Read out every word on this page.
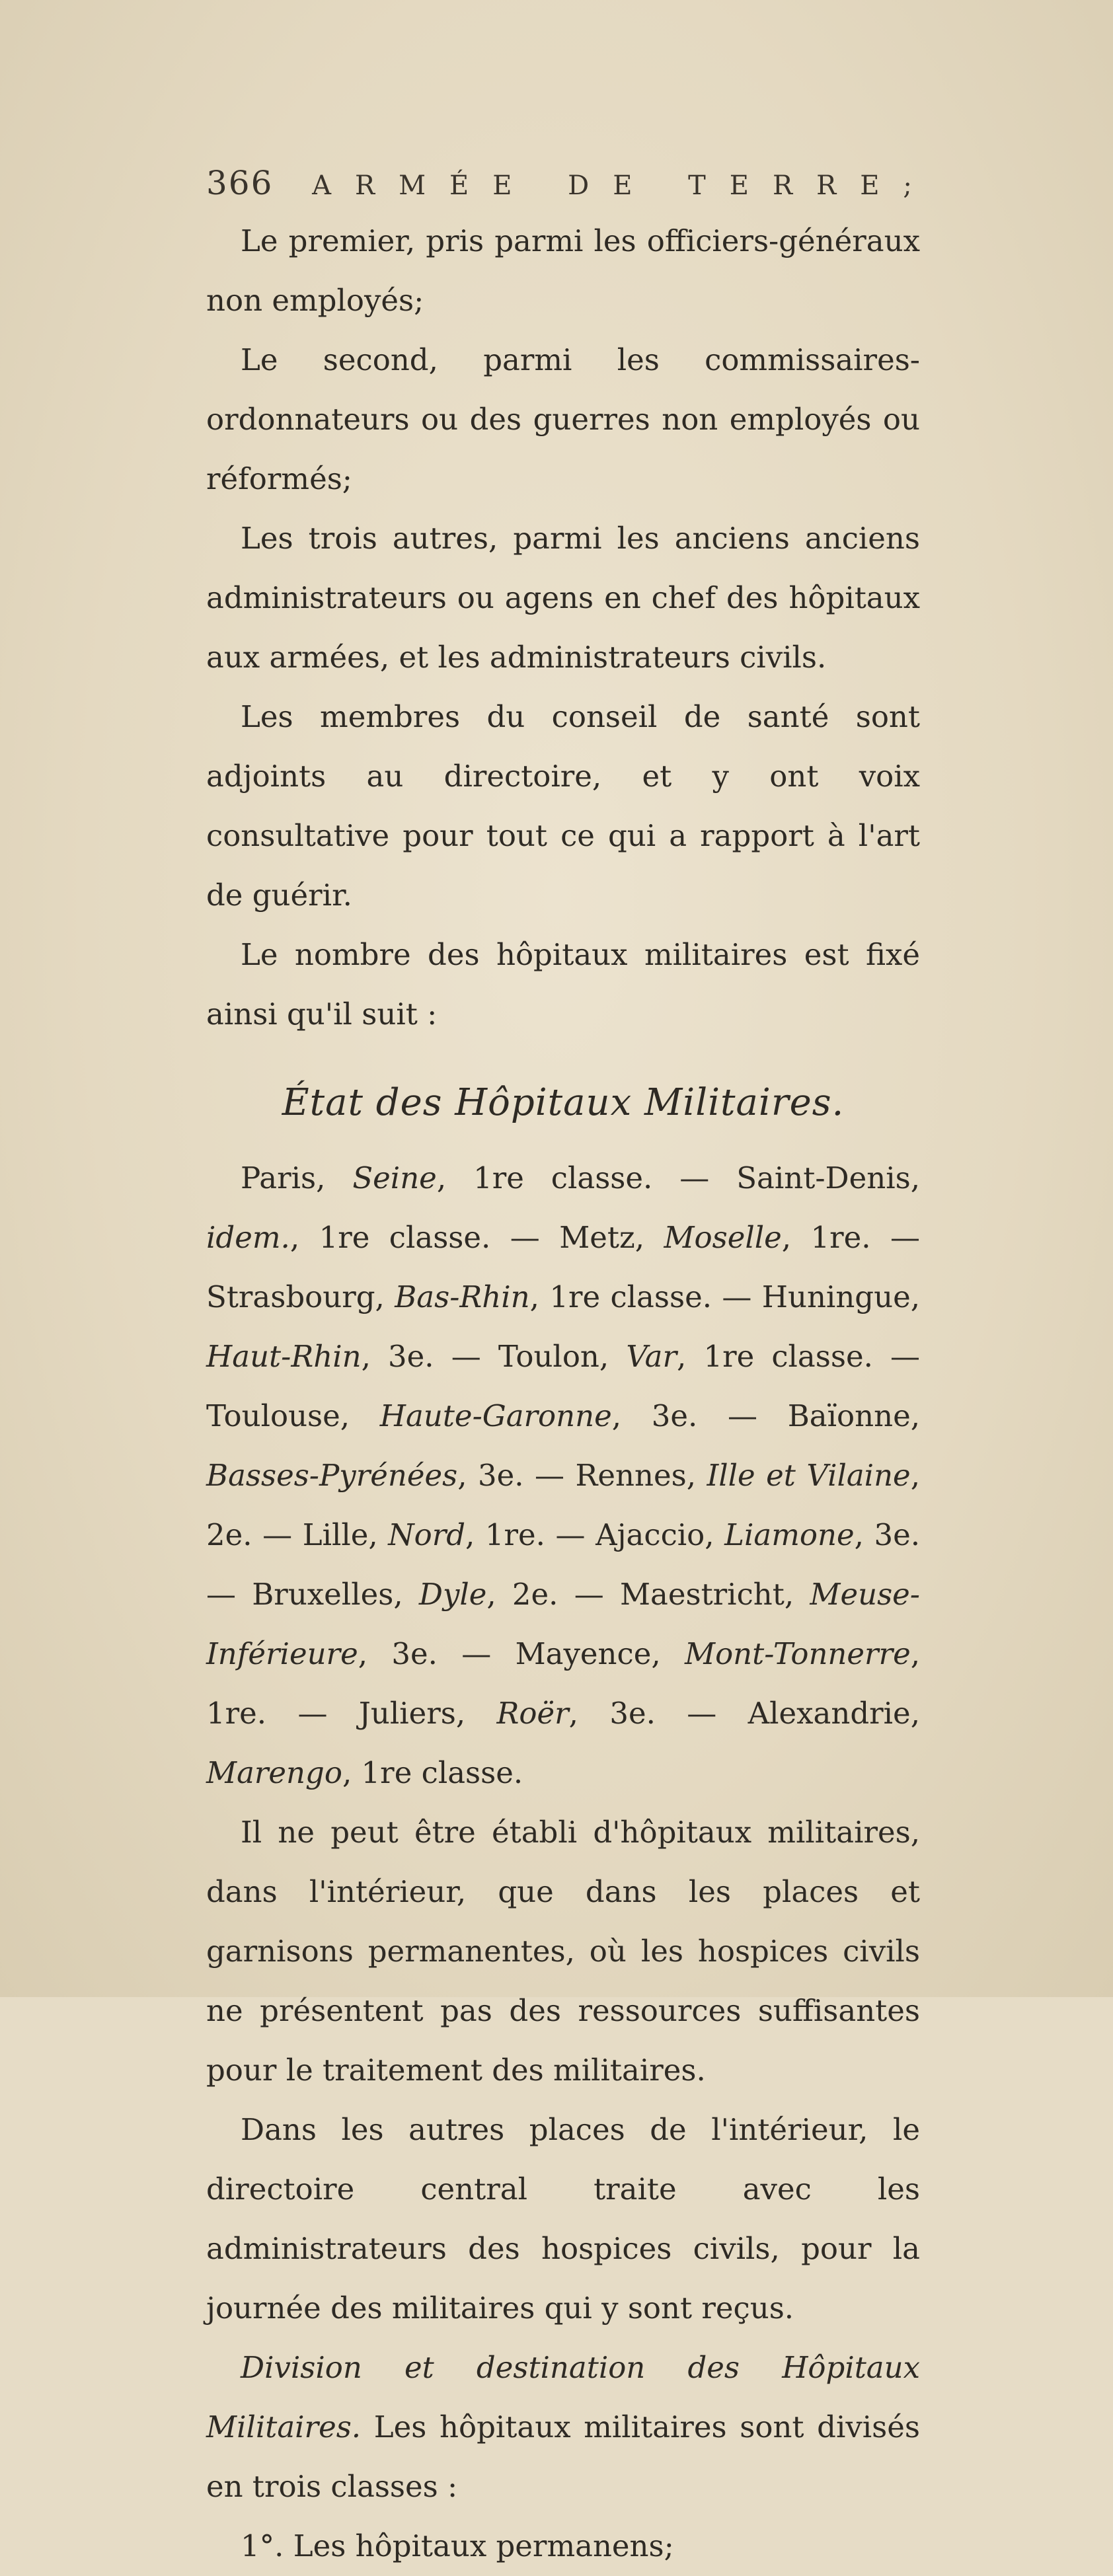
366 ARMÉE DE TERRE;

Le premier, pris parmi les officiers-généraux non employés;

Le second, parmi les commissaires-ordonnateurs ou des guerres non employés ou réformés;

Les trois autres, parmi les anciens anciens administrateurs ou agens en chef des hôpitaux aux armées, et les administrateurs civils.

Les membres du conseil de santé sont adjoints au directoire, et y ont voix consultative pour tout ce qui a rapport à l'art de guérir.

Le nombre des hôpitaux militaires est fixé ainsi qu'il suit :

État des Hôpitaux Militaires.

Paris, Seine, 1re classe. — Saint-Denis, idem., 1re classe. — Metz, Moselle, 1re. — Strasbourg, Bas-Rhin, 1re classe. — Huningue, Haut-Rhin, 3e. — Toulon, Var, 1re classe. — Toulouse, Haute-Garonne, 3e. — Baïonne, Basses-Pyrénées, 3e. — Rennes, Ille et Vilaine, 2e. — Lille, Nord, 1re. — Ajaccio, Liamone, 3e. — Bruxelles, Dyle, 2e. — Maestricht, Meuse-Inférieure, 3e. — Mayence, Mont-Tonnerre, 1re. — Juliers, Roër, 3e. — Alexandrie, Marengo, 1re classe.

Il ne peut être établi d'hôpitaux militaires, dans l'intérieur, que dans les places et garnisons permanentes, où les hospices civils ne présentent pas des ressources suffisantes pour le traitement des militaires.

Dans les autres places de l'intérieur, le directoire central traite avec les administrateurs des hospices civils, pour la journée des militaires qui y sont reçus.

Division et destination des Hôpitaux Militaires. Les hôpitaux militaires sont divisés en trois classes :

1°. Les hôpitaux permanens;
